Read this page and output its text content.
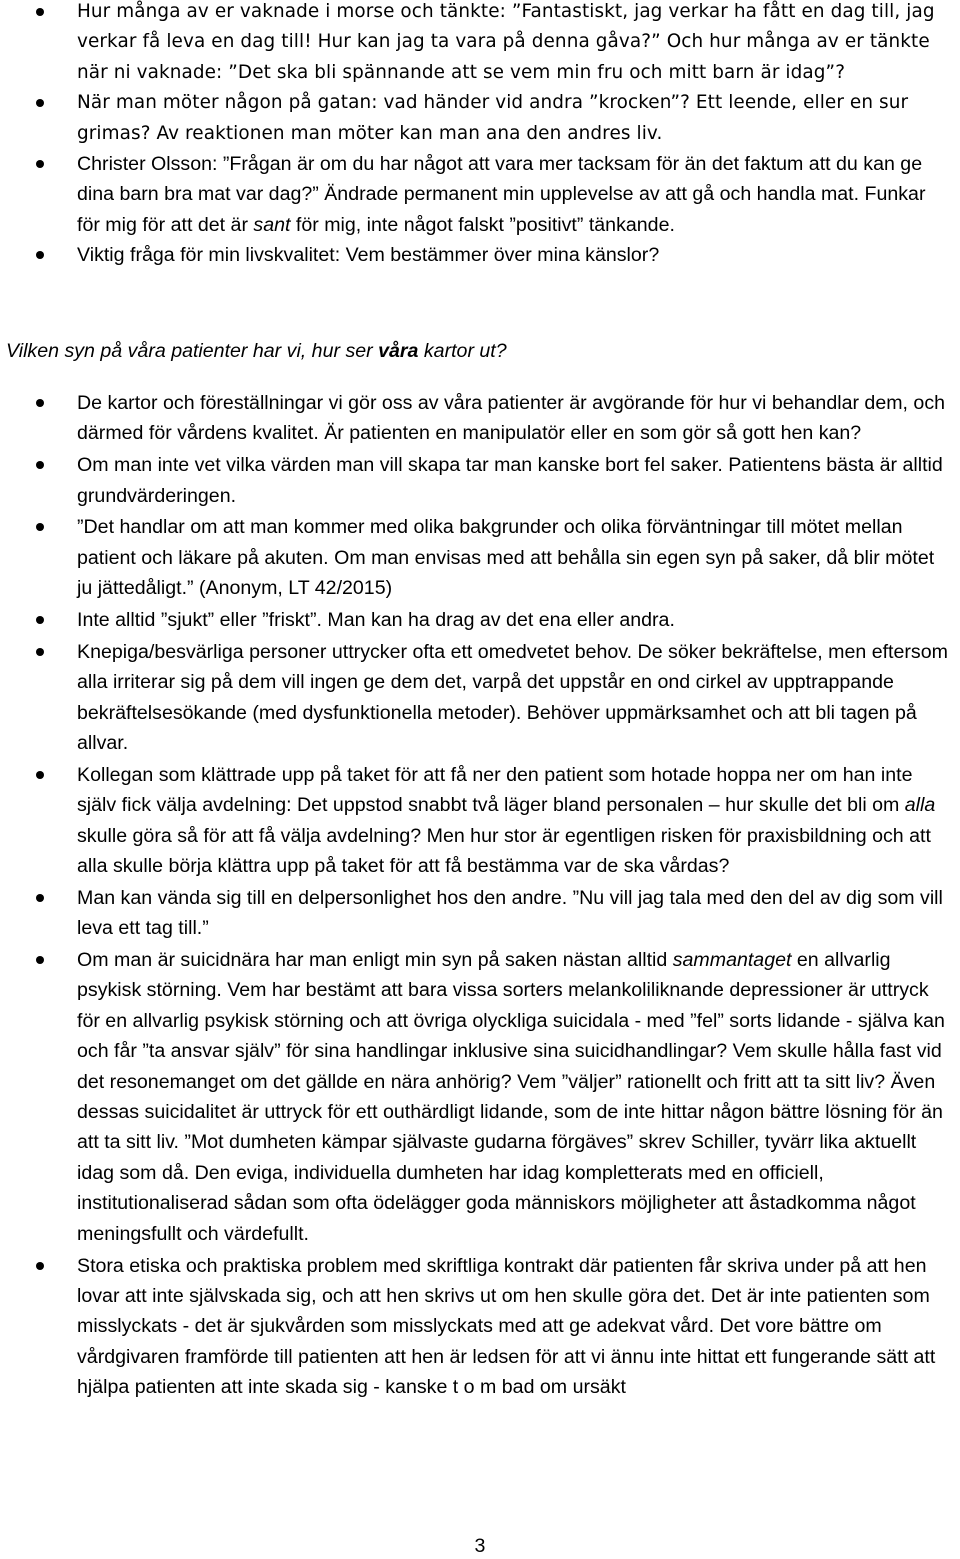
Hur många av er vaknade i morse och tänkte: ”Fantastiskt, jag verkar ha fått en dag till, jag verkar få leva en dag till! Hur kan jag ta vara på denna gåva?” Och hur många av er tänkte när ni vaknade: ”Det ska bli spännande att se vem min fru och mitt barn är idag”?
När man möter någon på gatan: vad händer vid andra ”krocken”? Ett leende, eller en sur grimas? Av reaktionen man möter kan man ana den andres liv.
Christer Olsson: ”Frågan är om du har något att vara mer tacksam för än det faktum att du kan ge dina barn bra mat var dag?” Ändrade permanent min upplevelse av att gå och handla mat. Funkar för mig för att det är sant för mig, inte något falskt ”positivt” tänkande.
Viktig fråga för min livskvalitet: Vem bestämmer över mina känslor?

Vilken syn på våra patienter har vi, hur ser våra kartor ut?

De kartor och föreställningar vi gör oss av våra patienter är avgörande för hur vi behandlar dem, och därmed för vårdens kvalitet. Är patienten en manipulatör eller en som gör så gott hen kan?
Om man inte vet vilka värden man vill skapa tar man kanske bort fel saker. Patientens bästa är alltid grundvärderingen.
”Det handlar om att man kommer med olika bakgrunder och olika förväntningar till mötet mellan patient och läkare på akuten. Om man envisas med att behålla sin egen syn på saker, då blir mötet ju jättedåligt.” (Anonym, LT 42/2015)
Inte alltid ”sjukt” eller ”friskt”. Man kan ha drag av det ena eller andra.
Knepiga/besvärliga personer uttrycker ofta ett omedvetet behov. De söker bekräftelse, men eftersom alla irriterar sig på dem vill ingen ge dem det, varpå det uppstår en ond cirkel av upptrappande bekräftelsesökande (med dysfunktionella metoder). Behöver uppmärksamhet och att bli tagen på allvar.
Kollegan som klättrade upp på taket för att få ner den patient som hotade hoppa ner om han inte själv fick välja avdelning: Det uppstod snabbt två läger bland personalen – hur skulle det bli om alla skulle göra så för att få välja avdelning? Men hur stor är egentligen risken för praxisbildning och att alla skulle börja klättra upp på taket för att få bestämma var de ska vårdas?
Man kan vända sig till en delpersonlighet hos den andre. ”Nu vill jag tala med den del av dig som vill leva ett tag till.”
Om man är suicidnära har man enligt min syn på saken nästan alltid sammantaget en allvarlig psykisk störning. Vem har bestämt att bara vissa sorters melankoliliknande depressioner är uttryck för en allvarlig psykisk störning och att övriga olyckliga suicidala - med ”fel” sorts lidande - själva kan och får ”ta ansvar själv” för sina handlingar inklusive sina suicidhandlingar? Vem skulle hålla fast vid det resonemanget om det gällde en nära anhörig? Vem ”väljer” rationellt och fritt att ta sitt liv? Även dessas suicidalitet är uttryck för ett outhärdligt lidande, som de inte hittar någon bättre lösning för än att ta sitt liv. ”Mot dumheten kämpar självaste gudarna förgäves” skrev Schiller, tyvärr lika aktuellt idag som då. Den eviga, individuella dumheten har idag kompletterats med en officiell, institutionaliserad sådan som ofta ödelägger goda människors möjligheter att åstadkomma något meningsfullt och värdefullt.
Stora etiska och praktiska problem med skriftliga kontrakt där patienten får skriva under på att hen lovar att inte självskada sig, och att hen skrivs ut om hen skulle göra det. Det är inte patienten som misslyckats - det är sjukvården som misslyckats med att ge adekvat vård. Det vore bättre om vårdgivaren framförde till patienten att hen är ledsen för att vi ännu inte hittat ett fungerande sätt att hjälpa patienten att inte skada sig - kanske t o m bad om ursäkt
3
